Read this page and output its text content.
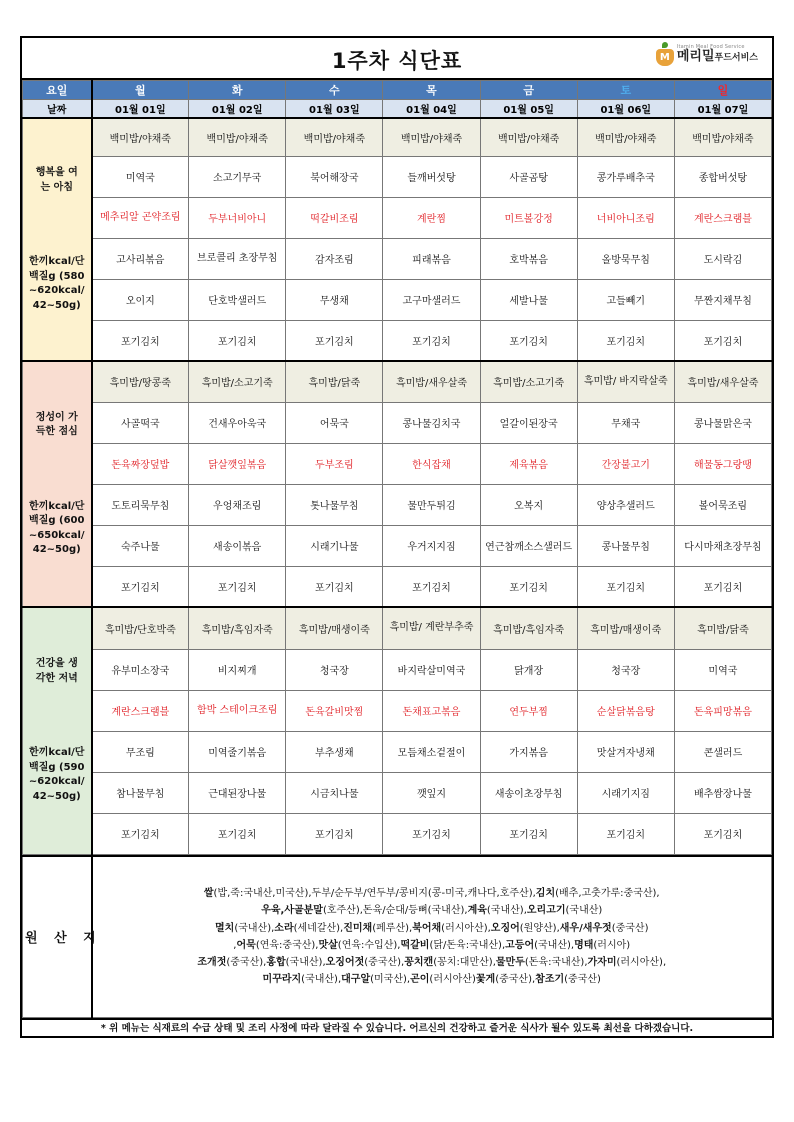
1주차 식단표	M
Itamin Meal Food Service
메리밀푸드서비스
요일	월	화	수	목	금	토	일
날짜	01월 01일	01월 02일	01월 03일	01월 04일	01월 05일	01월 06일	01월 07일

행복을 여는 아침
한끼kcal/단백질g (580~620kcal/42~50g)	백미밥/야채죽	백미밥/야채죽	백미밥/야채죽	백미밥/야채죽	백미밥/야채죽	백미밥/야채죽	백미밥/야채죽
	미역국	소고기무국	북어해장국	들깨버섯탕	사골곰탕	콩가루배추국	종합버섯탕
	메추리알 곤약조림	두부너비아니	떡갈비조림	계란찜	미트볼강정	너비아니조림	계란스크램블
	고사리볶음	브로콜리 초장무침	감자조림	피래볶음	호박볶음	올방묵무침	도시락김
	오이지	단호박샐러드	무생채	고구마샐러드	세발나물	고들빼기	무짠지채무침
	포기김치	포기김치	포기김치	포기김치	포기김치	포기김치	포기김치

정성이 가득한 점심
한끼kcal/단백질g (600~650kcal/42~50g)	흑미밥/땅콩죽	흑미밥/소고기죽	흑미밥/닭죽	흑미밥/새우살죽	흑미밥/소고기죽	흑미밥/ 바지락살죽	흑미밥/새우살죽
	사골떡국	건새우아욱국	어묵국	콩나물김치국	얼갈이된장국	무채국	콩나물맑은국
	돈육짜장덮밥	닭살깻잎볶음	두부조림	한식잡채	제육볶음	간장불고기	해물동그랑땡
	도토리묵무침	우엉채조림	톳나물무침	물만두튀김	오복지	양상추샐러드	볼어묵조림
	숙주나물	새송이볶음	시래기나물	우거지지짐	연근참깨소스샐러드	콩나물무침	다시마채초장무침
	포기김치	포기김치	포기김치	포기김치	포기김치	포기김치	포기김치

건강을 생각한 저녁
한끼kcal/단백질g (590~620kcal/42~50g)	흑미밥/단호박죽	흑미밥/흑임자죽	흑미밥/매생이죽	흑미밥/ 계란부추죽	흑미밥/흑임자죽	흑미밥/매생이죽	흑미밥/닭죽
	유부미소장국	비지찌개	청국장	바지락살미역국	닭개장	청국장	미역국
	계란스크램블	함박 스테이크조림	돈육갈비맛찜	돈채표고볶음	연두부찜	순살닭볶음탕	돈육피망볶음
	무조림	미역줄기볶음	부추생채	모듬채소겉절이	가지볶음	맛살겨자냉채	콘샐러드
	참나물무침	근대된장나물	시금치나물	깻잎지	새송이초장무침	시래기지짐	배추쌈장나물
	포기김치	포기김치	포기김치	포기김치	포기김치	포기김치	포기김치
원 산 지	
쌀(밥,죽:국내산,미국산),두부/순두부/연두부/콩비지(콩-미국,캐나다,호주산),김치(배추,고춧가루:중국산),
우육,사골분말(호주산),돈육/순대/등뼈(국내산),계육(국내산),오리고기(국내산)
멸치(국내산),소라(세네갈산),진미채(페루산),북어채(러시아산),오징어(원양산),새우/새우젓(중국산)
,어묵(연육:중국산),맛살(연육:수입산),떡갈비(닭/돈육:국내산),고등어(국내산),명태(러시아)
조개젓(중국산),홍합(국내산),오징어젓(중국산),꽁치캔(꽁치:대만산),물만두(돈육:국내산),가자미(러시아산),
미꾸라지(국내산),대구알(미국산),곤이(러시아산)꽃게(중국산),참조기(중국산)
* 위 메뉴는 식재료의 수급 상태 및 조리 사정에 따라 달라질 수 있습니다. 어르신의 건강하고 즐거운 식사가 될수 있도록 최선을 다하겠습니다.
